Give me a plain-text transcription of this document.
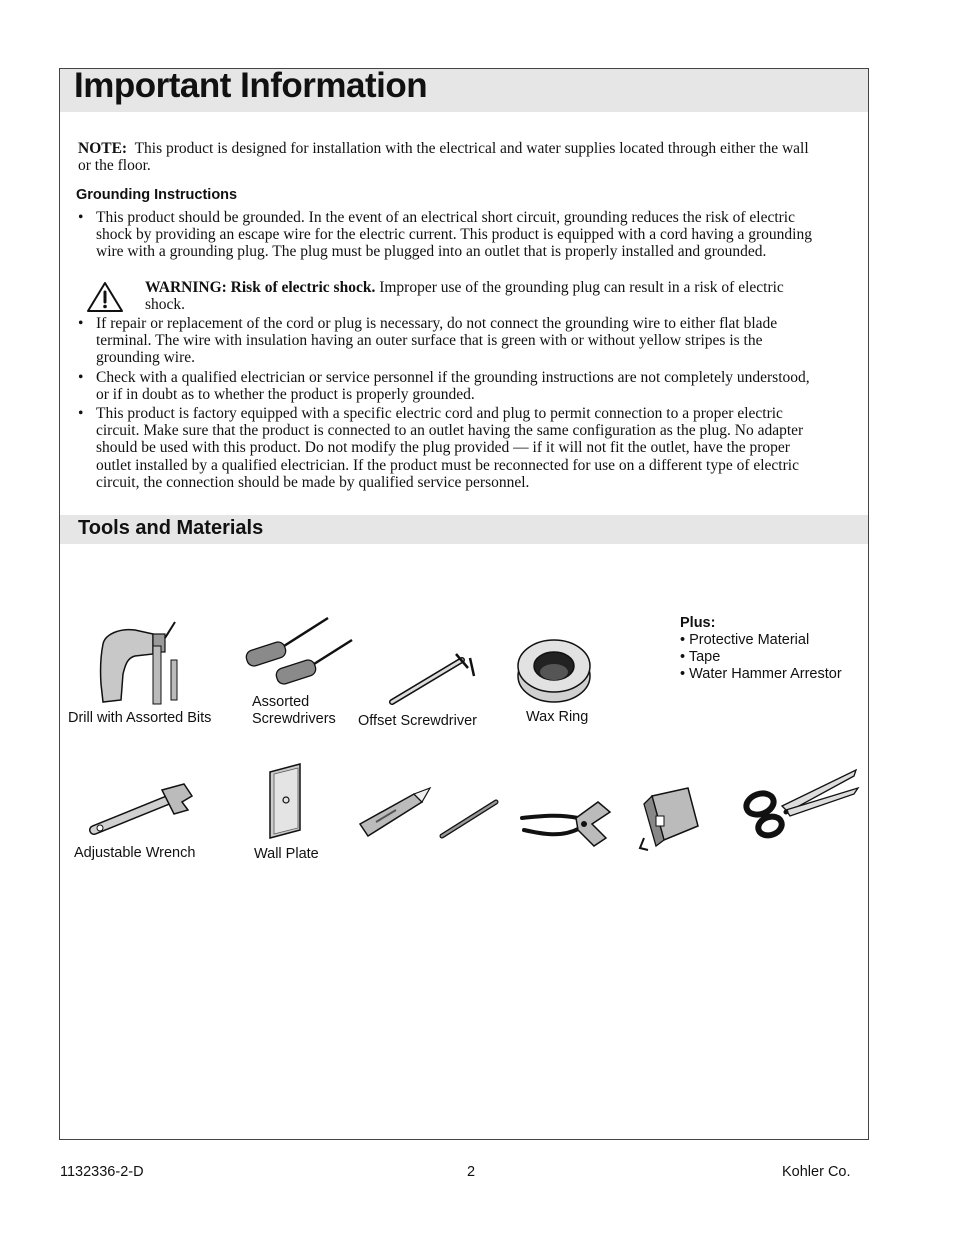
Important Information
NOTE: This product is designed for installation with the electrical and water supplies located through either the wall or the floor.
Grounding Instructions
• This product should be grounded. In the event of an electrical short circuit, grounding reduces the risk of electric shock by providing an escape wire for the electric current. This product is equipped with a cord having a grounding wire with a grounding plug. The plug must be plugged into an outlet that is properly installed and grounded.
WARNING: Risk of electric shock. Improper use of the grounding plug can result in a risk of electric shock.
• If repair or replacement of the cord or plug is necessary, do not connect the grounding wire to either flat blade terminal. The wire with insulation having an outer surface that is green with or without yellow stripes is the grounding wire.
• Check with a qualified electrician or service personnel if the grounding instructions are not completely understood, or if in doubt as to whether the product is properly grounded.
• This product is factory equipped with a specific electric cord and plug to permit connection to a proper electric circuit. Make sure that the product is connected to an outlet having the same configuration as the plug. No adapter should be used with this product. Do not modify the plug provided — if it will not fit the outlet, have the proper outlet installed by a qualified electrician. If the product must be reconnected for use on a different type of electric circuit, the connection should be made by qualified service personnel.
Tools and Materials
Drill with Assorted Bits
Assorted
Screwdrivers Offset Screwdriver	Wax Ring
Plus:
• Protective Material
• Tape
• Water Hammer Arrestor
Adjustable Wrench	Wall Plate
1132336-2-D	2	Kohler Co.
